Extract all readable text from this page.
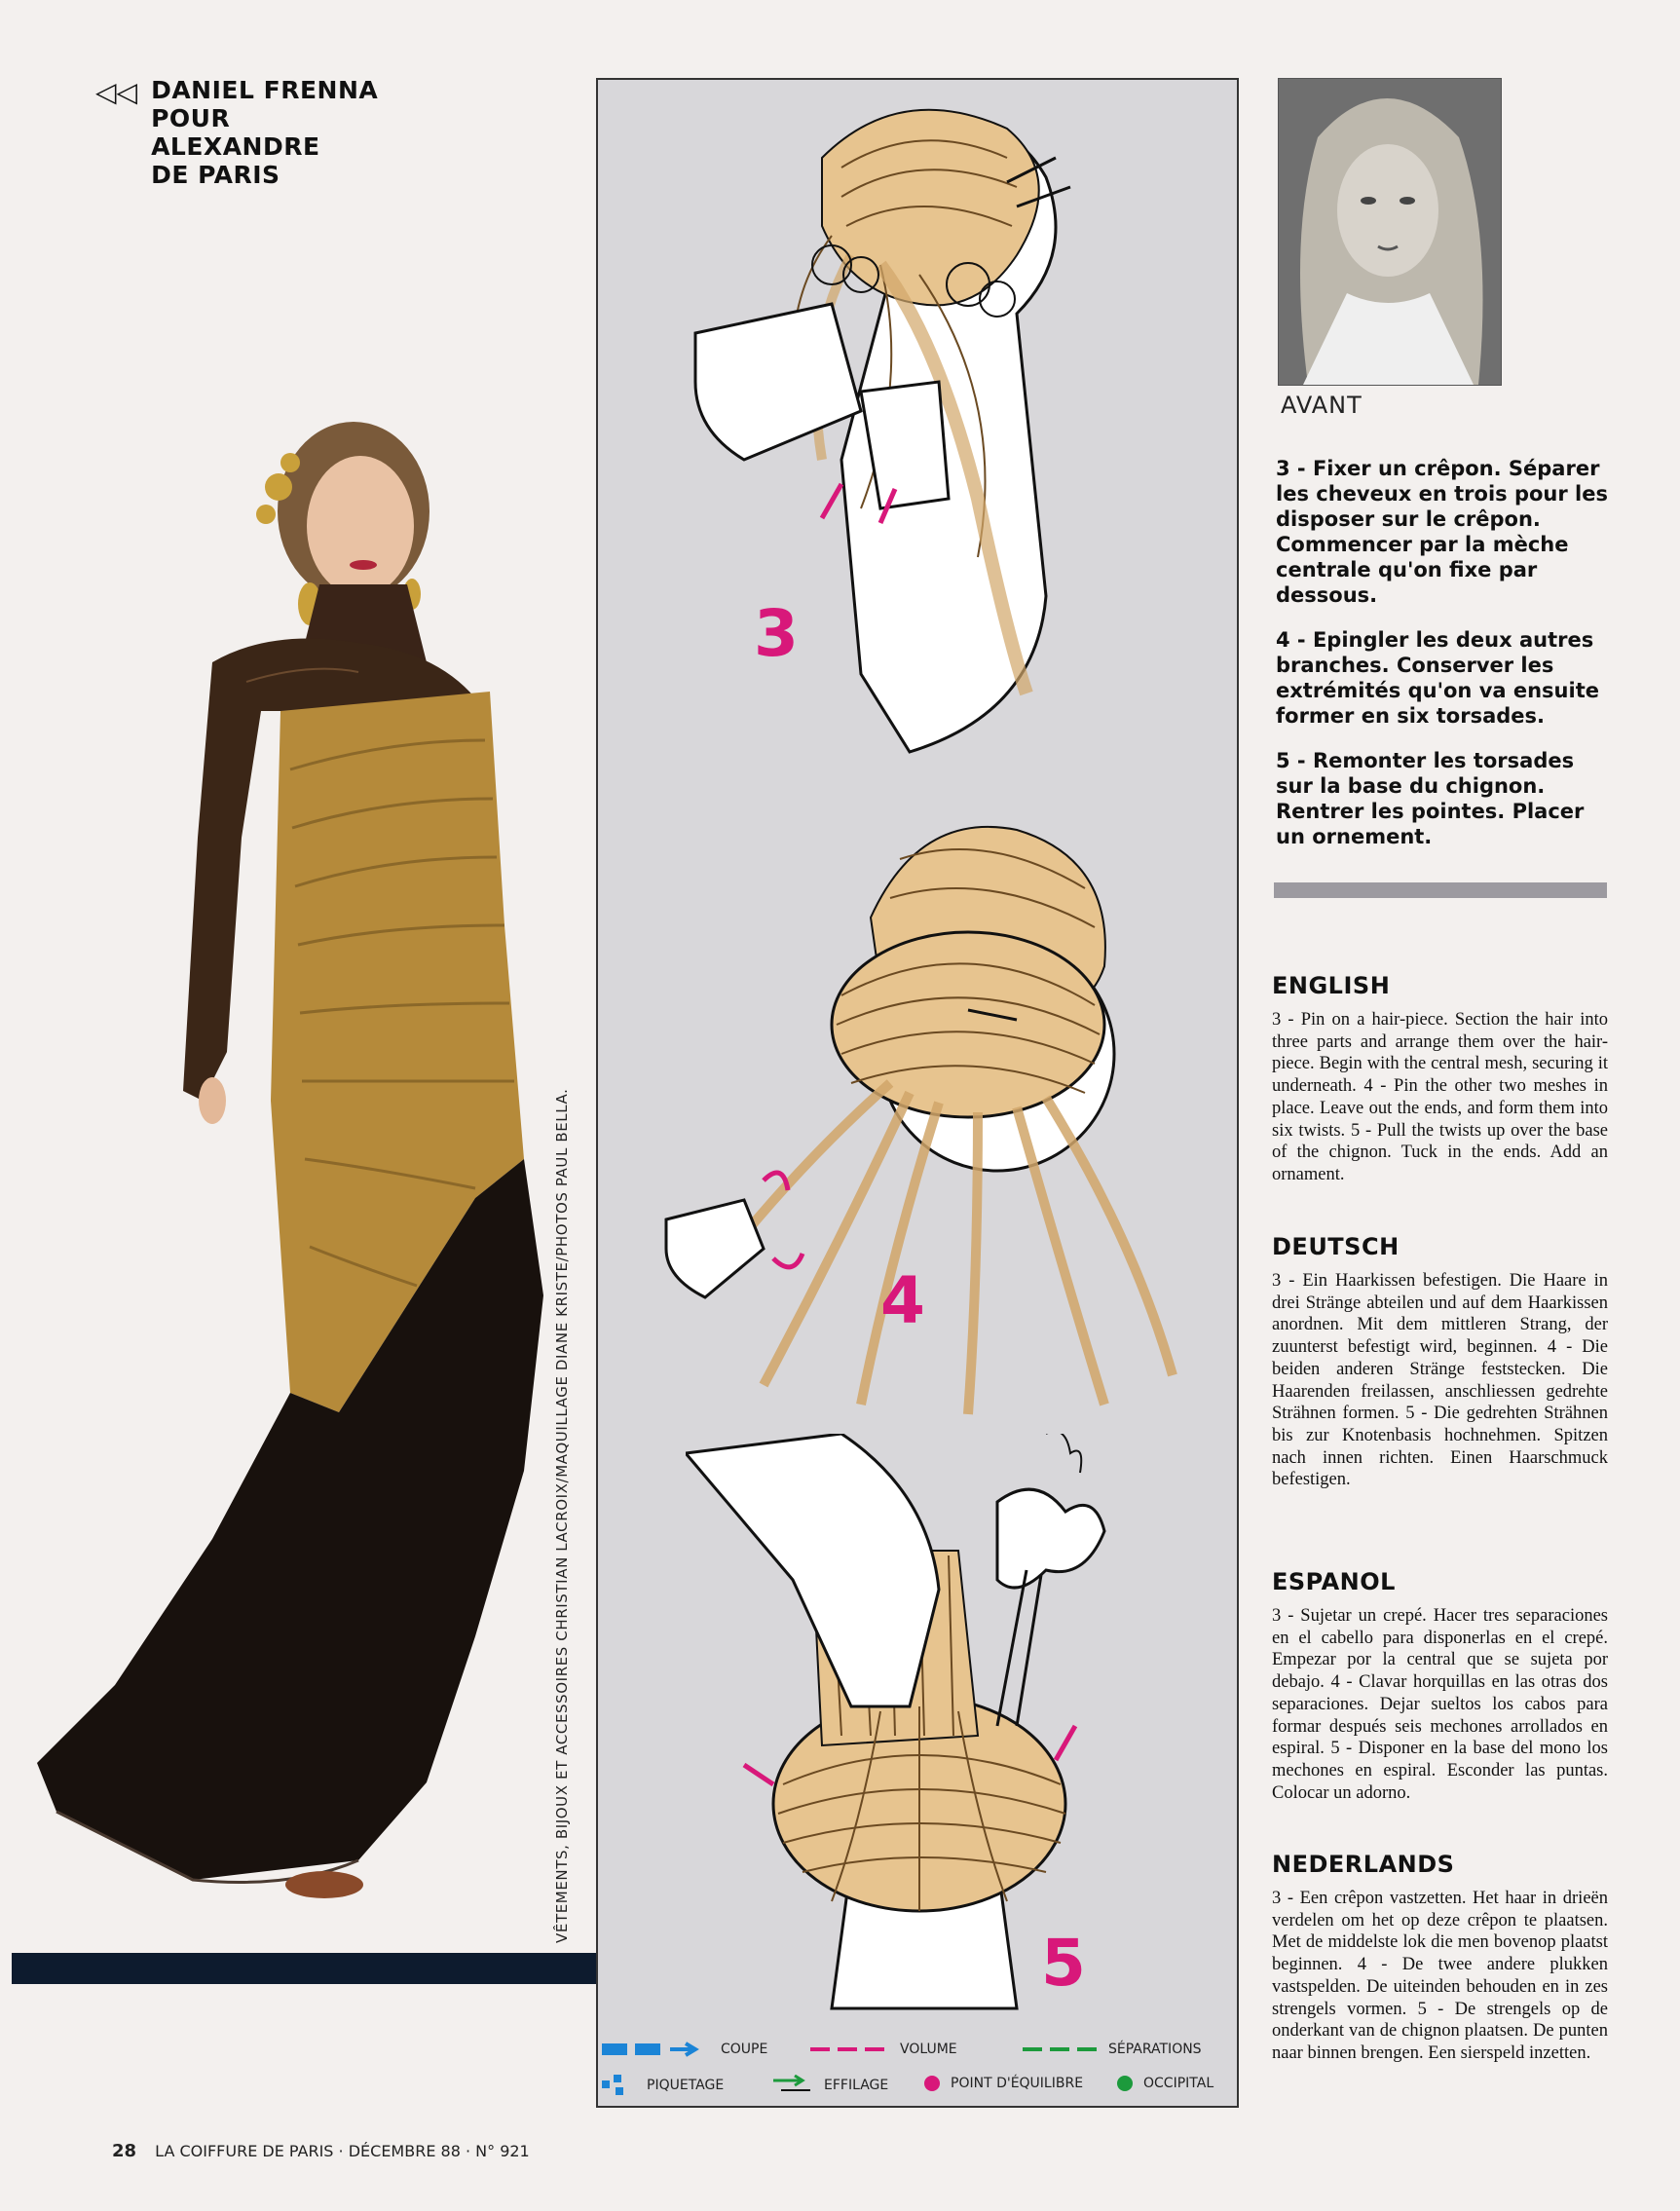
◁◁ DANIEL FRENNA
POUR
ALEXANDRE
DE PARIS
VÊTEMENTS, BIJOUX ET ACCESSOIRES CHRISTIAN LACROIX/MAQUILLAGE DIANE KRISTE/PHOTOS PAUL BELLA.
3
4
5
COUPE	VOLUME	SÉPARATIONS
PIQUETAGE	EFFILAGE	POINT D'ÉQUILIBRE	OCCIPITAL
AVANT

3 - Fixer un crêpon. Séparer les cheveux en trois pour les disposer sur le crêpon. Commencer par la mèche centrale qu'on fixe par dessous.

4 - Epingler les deux autres branches. Conserver les extrémités qu'on va ensuite former en six torsades.

5 - Remonter les torsades sur la base du chignon. Rentrer les pointes. Placer un ornement.

ENGLISH

3 - Pin on a hair-piece. Section the hair into three parts and arrange them over the hair-piece. Begin with the central mesh, securing it underneath. 4 - Pin the other two meshes in place. Leave out the ends, and form them into six twists. 5 - Pull the twists up over the base of the chignon. Tuck in the ends. Add an ornament.

DEUTSCH

3 - Ein Haarkissen befestigen. Die Haare in drei Stränge abteilen und auf dem Haarkissen anordnen. Mit dem mittleren Strang, der zuunterst befestigt wird, beginnen. 4 - Die beiden anderen Stränge feststecken. Die Haarenden freilassen, anschliessen gedrehte Strähnen formen. 5 - Die gedrehten Strähnen bis zur Knotenbasis hochnehmen. Spitzen nach innen richten. Einen Haarschmuck befestigen.

ESPANOL

3 - Sujetar un crepé. Hacer tres separaciones en el cabello para disponerlas en el crepé. Empezar por la central que se sujeta por debajo. 4 - Clavar horquillas en las otras dos separaciones. Dejar sueltos los cabos para formar después seis mechones arrollados en espiral. 5 - Disponer en la base del mono los mechones en espiral. Esconder las puntas. Colocar un adorno.

NEDERLANDS

3 - Een crêpon vastzetten. Het haar in drieën verdelen om het op deze crêpon te plaatsen. Met de middelste lok die men bovenop plaatst beginnen. 4 - De twee andere plukken vastspelden. De uiteinden behouden en in zes strengels vormen. 5 - De strengels op de onderkant van de chignon plaatsen. De punten naar binnen brengen. Een sierspeld inzetten.

28 LA COIFFURE DE PARIS · DÉCEMBRE 88 · N° 921
